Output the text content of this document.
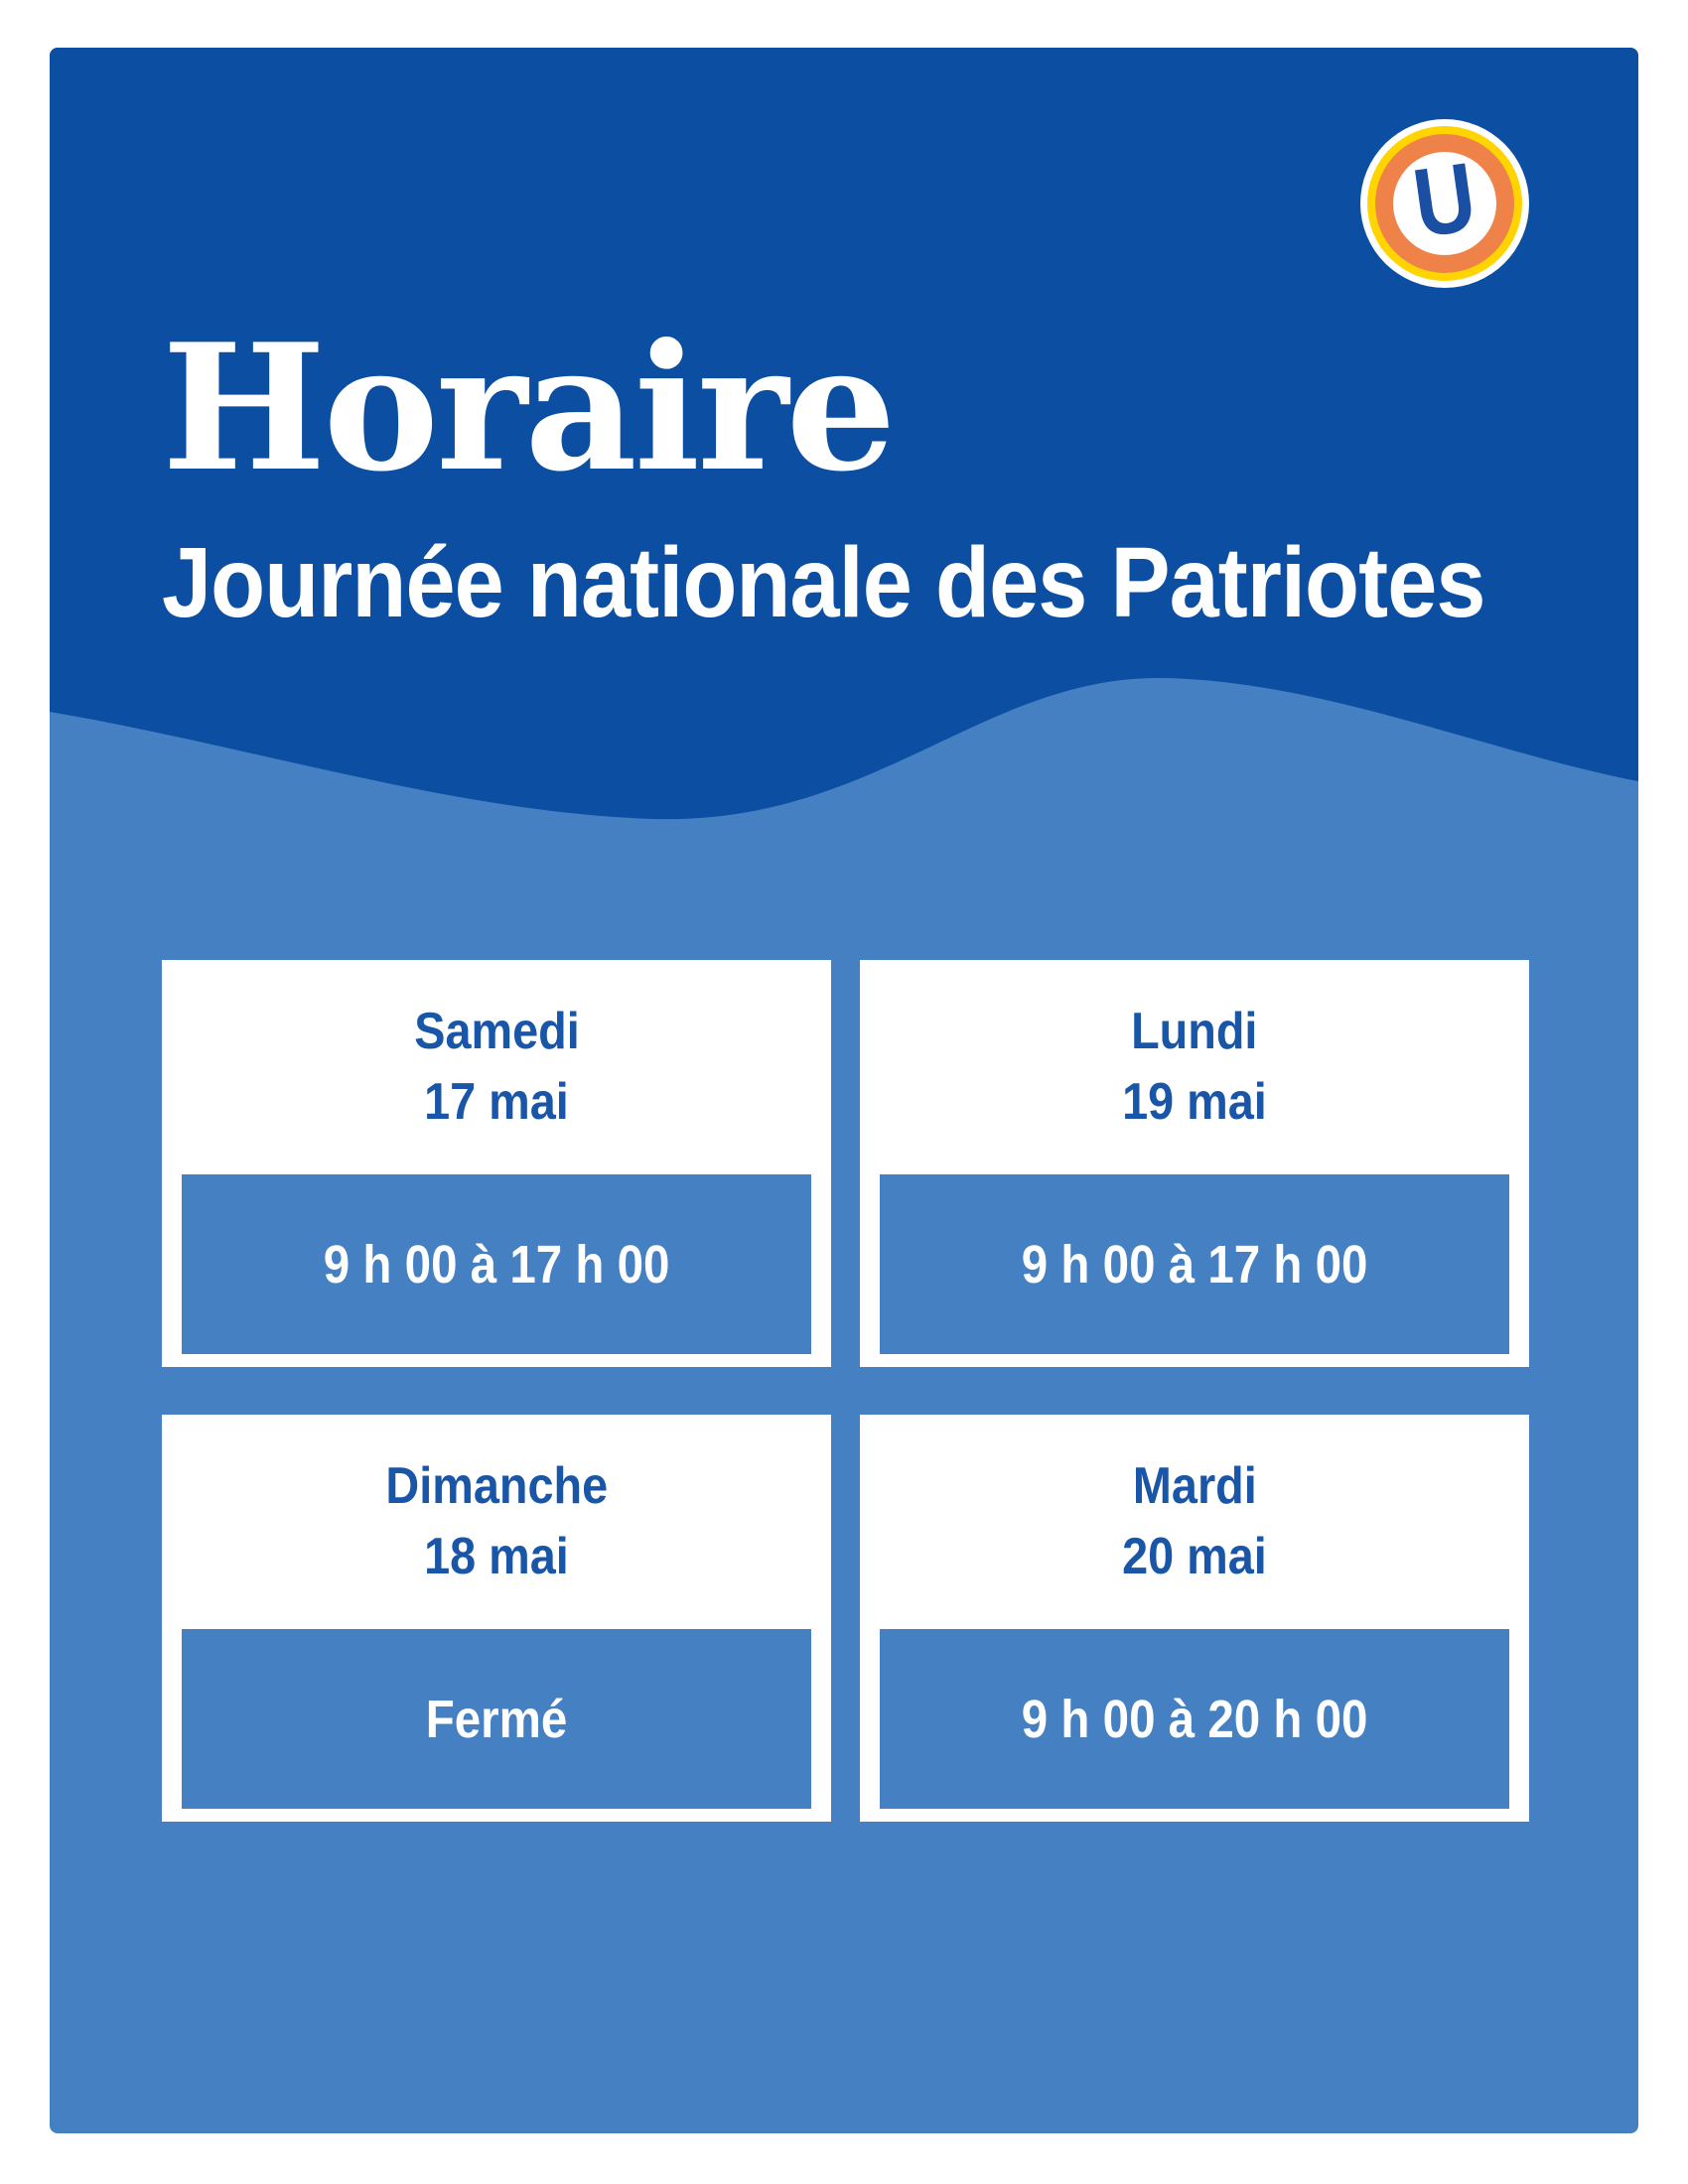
U
Horaire
Journée nationale des Patriotes
Samedi
17 mai
9 h 00 à 17 h 00
Lundi
19 mai
9 h 00 à 17 h 00
Dimanche
18 mai
Fermé
Mardi
20 mai
9 h 00 à 20 h 00
